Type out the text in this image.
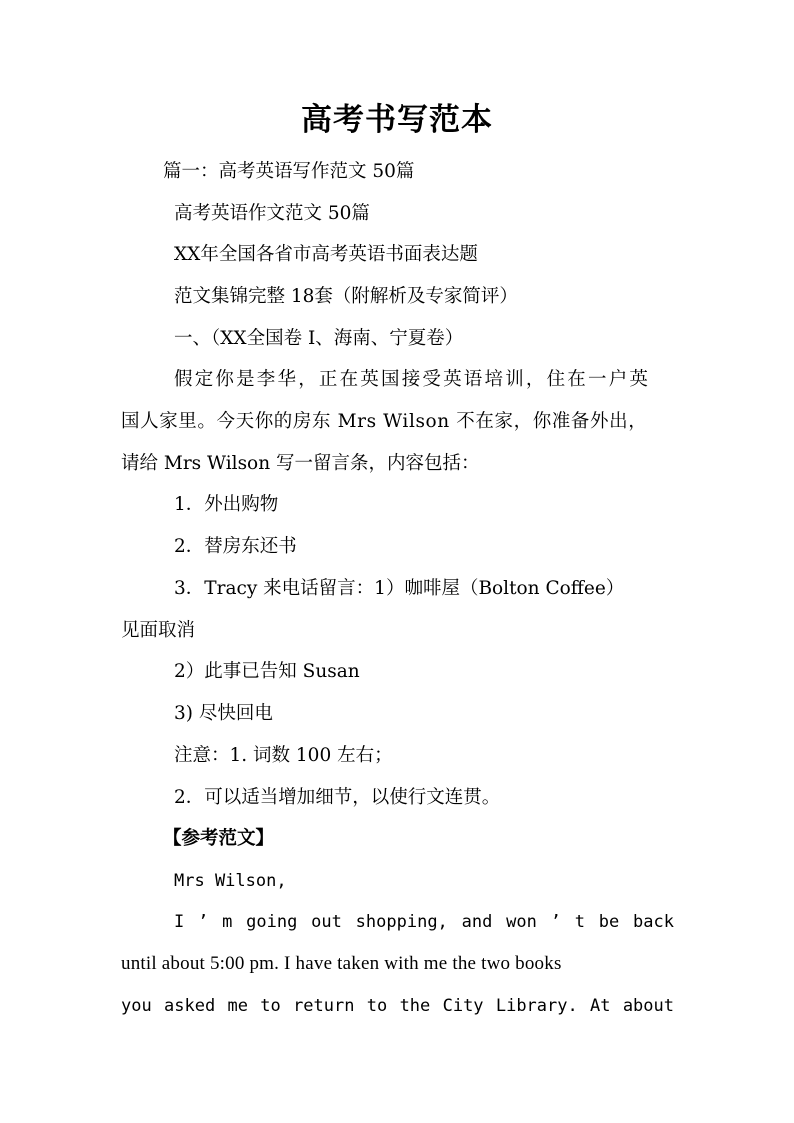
高考书写范本
篇一：高考英语写作范文 50篇
高考英语作文范文 50篇
XX年全国各省市高考英语书面表达题
范文集锦完整 18套（附解析及专家简评）
一、（XX全国卷 I、海南、宁夏卷）
假定你是李华，正在英国接受英语培训，住在一户英
国人家里。今天你的房东 Mrs Wilson 不在家，你准备外出，
请给 Mrs Wilson 写一留言条，内容包括：
1．外出购物
2．替房东还书
3．Tracy 来电话留言：1）咖啡屋（Bolton Coffee）
见面取消
2）此事已告知 Susan
3) 尽快回电
注意：1. 词数 100 左右；
2．可以适当增加细节，以使行文连贯。
【参考范文】
Mrs Wilson,
I ’ m going out shopping, and won ’ t be back
until about 5:00 pm. I have taken with me the two books
you asked me to return to the City Library. At about
